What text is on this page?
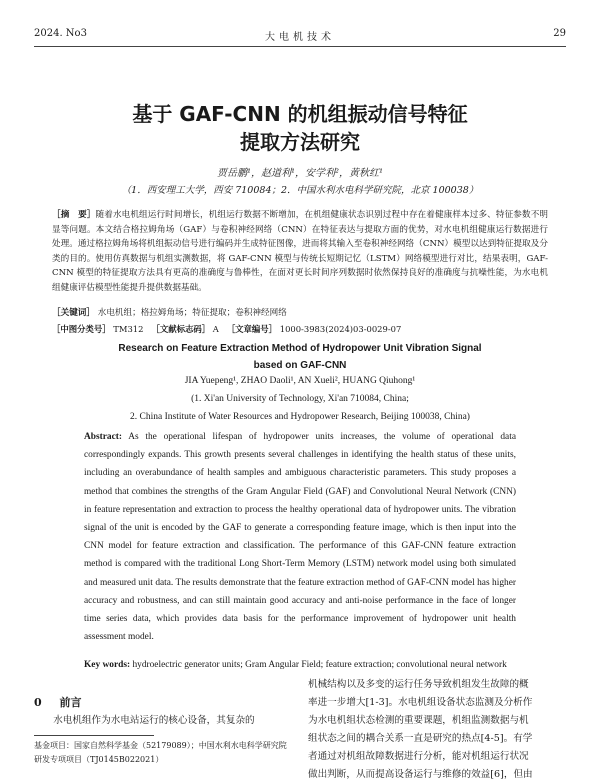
2024. No3	大电机技术	29
基于 GAF-CNN 的机组振动信号特征
提取方法研究
贾岳鹏¹，赵道利¹，安学利²，黄秋红¹
（1．西安理工大学，西安 710084；2．中国水利水电科学研究院，北京 100038）
［摘　要］随着水电机组运行时间增长，机组运行数据不断增加，在机组健康状态识别过程中存在着健康样本过多、特征参数不明显等问题。本文结合格拉姆角场（GAF）与卷积神经网络（CNN）在特征表达与提取方面的优势，对水电机组健康运行数据进行处理。通过格拉姆角场将机组振动信号进行编码并生成特征图像，进而将其输入至卷积神经网络（CNN）模型以达到特征提取及分类的目的。使用仿真数据与机组实测数据，将 GAF-CNN 模型与传统长短期记忆（LSTM）网络模型进行对比，结果表明，GAF-CNN 模型的特征提取方法具有更高的准确度与鲁棒性，在面对更长时间序列数据时依然保持良好的准确度与抗噪性能，为水电机组健康评估模型性能提升提供数据基础。
［关键词］ 水电机组；格拉姆角场；特征提取；卷积神经网络
［中图分类号］ TM312 ［文献标志码］ A ［文章编号］ 1000-3983(2024)03-0029-07
Research on Feature Extraction Method of Hydropower Unit Vibration Signal
based on GAF-CNN
JIA Yuepeng¹, ZHAO Daoli¹, AN Xueli², HUANG Qiuhong¹
(1. Xi'an University of Technology, Xi'an 710084, China;
2. China Institute of Water Resources and Hydropower Research, Beijing 100038, China)
Abstract: As the operational lifespan of hydropower units increases, the volume of operational data correspondingly expands. This growth presents several challenges in identifying the health status of these units, including an overabundance of health samples and ambiguous characteristic parameters. This study proposes a method that combines the strengths of the Gram Angular Field (GAF) and Convolutional Neural Network (CNN) in feature representation and extraction to process the healthy operational data of hydropower units. The vibration signal of the unit is encoded by the GAF to generate a corresponding feature image, which is then input into the CNN model for feature extraction and classification. The performance of this GAF-CNN feature extraction method is compared with the traditional Long Short-Term Memory (LSTM) network model using both simulated and measured unit data. The results demonstrate that the feature extraction method of GAF-CNN model has higher accuracy and robustness, and can still maintain good accuracy and anti-noise performance in the face of longer time series data, which provides data basis for the performance improvement of hydropower unit health assessment model.
Key words: hydroelectric generator units; Gram Angular Field; feature extraction; convolutional neural network
0 前言
水电机组作为水电站运行的核心设备，其复杂的
基金项目：国家自然科学基金（52179089）；中国水利水电科学研究院
研发专项项目（TJ0145B022021）
机械结构以及多变的运行任务导致机组发生故障的概
率进一步增大[1-3]。水电机组设备状态监测及分析作
为水电机组状态检测的重要课题，机组监测数据与机
组状态之间的耦合关系一直是研究的热点[4-5]。有学
者通过对机组故障数据进行分析，能对机组运行状况
做出判断，从而提高设备运行与维修的效益[6]，但由
